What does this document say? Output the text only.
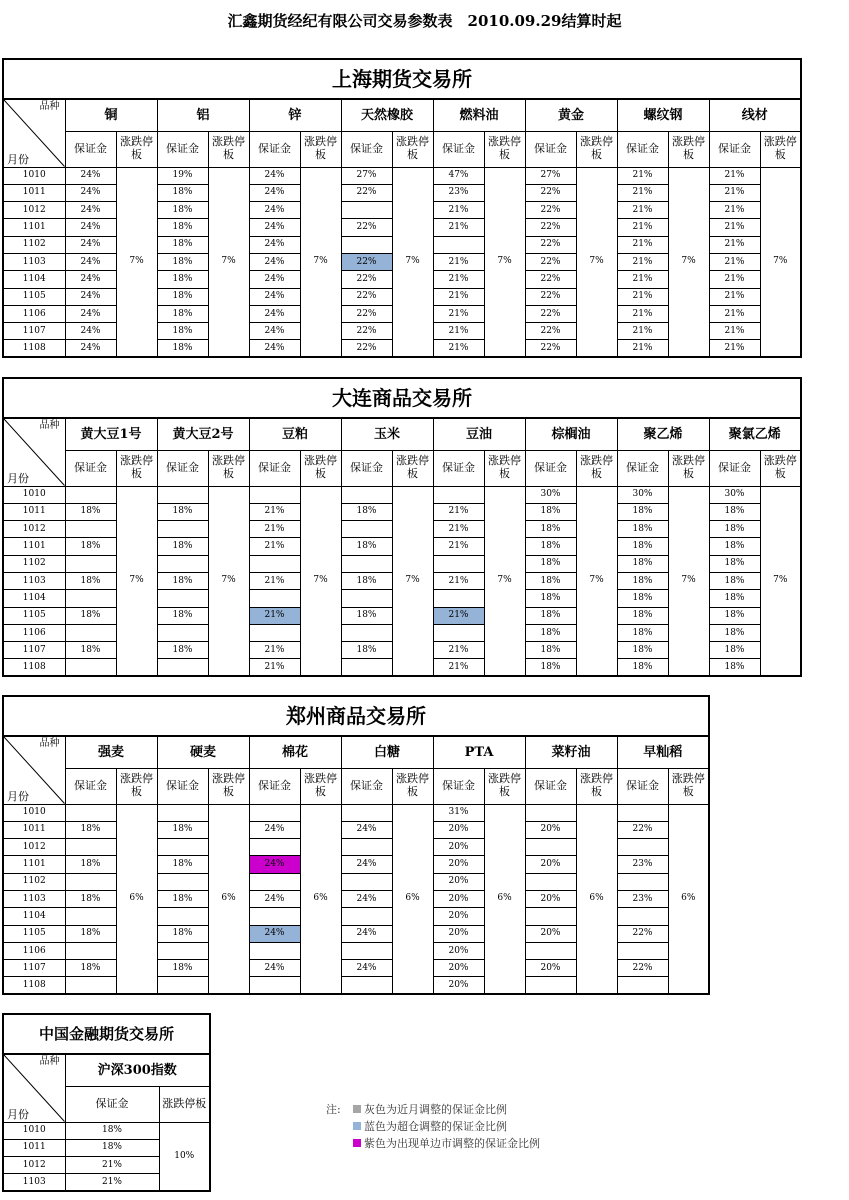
汇鑫期货经纪有限公司交易参数表　2010.09.29结算时起
上海期货交易所																

品种
月份	铜		铝		锌		天然橡胶		燃料油		黄金		螺纹钢		线材	
	保证金	涨跌停板	保证金	涨跌停板	保证金	涨跌停板	保证金	涨跌停板	保证金	涨跌停板	保证金	涨跌停板	保证金	涨跌停板	保证金	涨跌停板
1010	24%	7%	19%	7%	24%	7%	27%	7%	47%	7%	27%	7%	21%	7%	21%	7%
1011	24%		18%		24%		22%		23%		22%		21%		21%	
1012	24%		18%		24%				21%		22%		21%		21%	
1101	24%		18%		24%		22%		21%		22%		21%		21%	
1102	24%		18%		24%						22%		21%		21%	
1103	24%		18%		24%		22%		21%		22%		21%		21%	
1104	24%		18%		24%		22%		21%		22%		21%		21%	
1105	24%		18%		24%		22%		21%		22%		21%		21%	
1106	24%		18%		24%		22%		21%		22%		21%		21%	
1107	24%		18%		24%		22%		21%		22%		21%		21%	
1108	24%		18%		24%		22%		21%		22%		21%		21%	
大连商品交易所																

品种
月份	黄大豆1号		黄大豆2号		豆粕		玉米		豆油		棕榈油		聚乙烯		聚氯乙烯	
	保证金	涨跌停板	保证金	涨跌停板	保证金	涨跌停板	保证金	涨跌停板	保证金	涨跌停板	保证金	涨跌停板	保证金	涨跌停板	保证金	涨跌停板
1010		7%		7%		7%		7%		7%	30%	7%	30%	7%	30%	7%
1011	18%		18%		21%		18%		21%		18%		18%		18%	
1012					21%				21%		18%		18%		18%	
1101	18%		18%		21%		18%		21%		18%		18%		18%	
1102											18%		18%		18%	
1103	18%		18%		21%		18%		21%		18%		18%		18%	
1104											18%		18%		18%	
1105	18%		18%		21%		18%		21%		18%		18%		18%	
1106											18%		18%		18%	
1107	18%		18%		21%		18%		21%		18%		18%		18%	
1108					21%				21%		18%		18%		18%	
郑州商品交易所														

品种
月份	强麦		硬麦		棉花		白糖		PTA		菜籽油		早籼稻	
	保证金	涨跌停板	保证金	涨跌停板	保证金	涨跌停板	保证金	涨跌停板	保证金	涨跌停板	保证金	涨跌停板	保证金	涨跌停板
1010		6%		6%		6%		6%	31%	6%		6%		6%
1011	18%		18%		24%		24%		20%		20%		22%	
1012									20%					
1101	18%		18%		24%		24%		20%		20%		23%	
1102									20%					
1103	18%		18%		24%		24%		20%		20%		23%	
1104									20%					
1105	18%		18%		24%		24%		20%		20%		22%	
1106									20%					
1107	18%		18%		24%		24%		20%		20%		22%	
1108									20%					
中国金融期货交易所		

品种
月份	沪深300指数	
	保证金	涨跌停板
1010	18%	10%
1011	18%	
1012	21%	
1103	21%	
注:	灰色为近月调整的保证金比例
蓝色为超仓调整的保证金比例
紫色为出现单边市调整的保证金比例
